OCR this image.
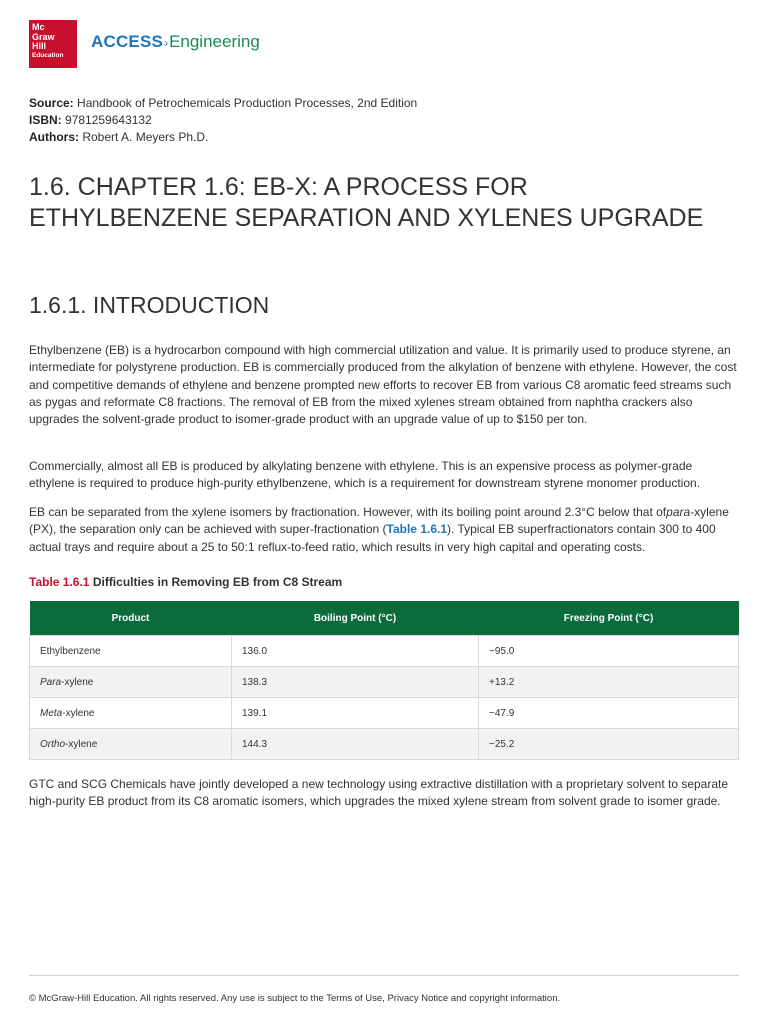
Mc
Graw
Hill
Education
ACCESS›Engineering
Source: Handbook of Petrochemicals Production Processes, 2nd Edition
ISBN: 9781259643132
Authors: Robert A. Meyers Ph.D.
1.6. CHAPTER 1.6: EB-X: A PROCESS FOR ETHYLBENZENE SEPARATION AND XYLENES UPGRADE
1.6.1. INTRODUCTION

Ethylbenzene (EB) is a hydrocarbon compound with high commercial utilization and value. It is primarily used to produce styrene, an intermediate for polystyrene production. EB is commercially produced from the alkylation of benzene with ethylene. However, the cost and competitive demands of ethylene and benzene prompted new efforts to recover EB from various C8 aromatic feed streams such as pygas and reformate C8 fractions. The removal of EB from the mixed xylenes stream obtained from naphtha crackers also upgrades the solvent-grade product to isomer-grade product with an upgrade value of up to $150 per ton.

Commercially, almost all EB is produced by alkylating benzene with ethylene. This is an expensive process as polymer-grade ethylene is required to produce high-purity ethylbenzene, which is a requirement for downstream styrene monomer production.

EB can be separated from the xylene isomers by fractionation. However, with its boiling point around 2.3°C below that ofpara-xylene (PX), the separation only can be achieved with super-fractionation (Table 1.6.1). Typical EB superfractionators contain 300 to 400 actual trays and require about a 25 to 50:1 reflux-to-feed ratio, which results in very high capital and operating costs.

Table 1.6.1 Difficulties in Removing EB from C8 Stream
Product	Boiling Point (°C)	Freezing Point (°C)
Ethylbenzene	136.0	−95.0
Para-xylene	138.3	+13.2
Meta-xylene	139.1	−47.9
Ortho-xylene	144.3	−25.2

GTC and SCG Chemicals have jointly developed a new technology using extractive distillation with a proprietary solvent to separate high-purity EB product from its C8 aromatic isomers, which upgrades the mixed xylene stream from solvent grade to isomer grade.

© McGraw-Hill Education. All rights reserved. Any use is subject to the Terms of Use, Privacy Notice and copyright information.
